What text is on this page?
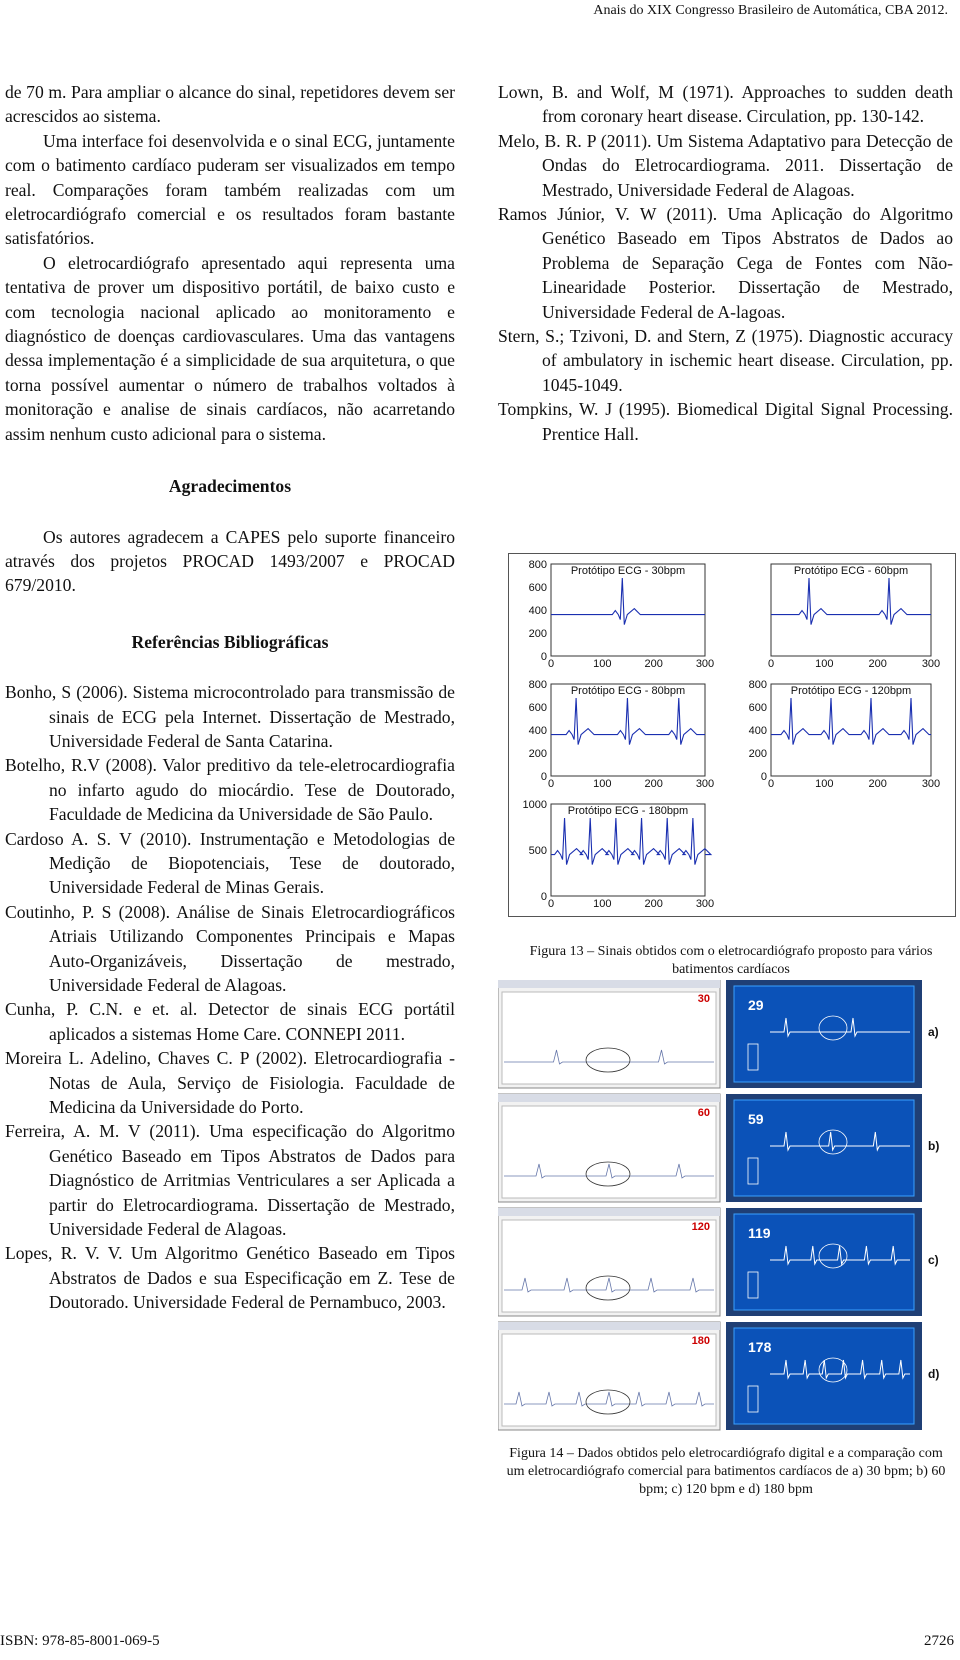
Anais do XIX Congresso Brasileiro de Automática, CBA 2012.

de 70 m. Para ampliar o alcance do sinal, repetidores devem ser acrescidos ao sistema.

Uma interface foi desenvolvida e o sinal ECG, juntamente com o batimento cardíaco puderam ser visualizados em tempo real. Comparações foram também realizadas com um eletrocardiógrafo comercial e os resultados foram bastante satisfatórios.

O eletrocardiógrafo apresentado aqui representa uma tentativa de prover um dispositivo portátil, de baixo custo e com tecnologia nacional aplicado ao monitoramento e diagnóstico de doenças cardiovasculares. Uma das vantagens dessa implementação é a simplicidade de sua arquitetura, o que torna possível aumentar o número de trabalhos voltados à monitoração e analise de sinais cardíacos, não acarretando assim nenhum custo adicional para o sistema.

Agradecimentos

Os autores agradecem a CAPES pelo suporte financeiro através dos projetos PROCAD 1493/2007 e PROCAD 679/2010.

Referências Bibliográficas

Bonho, S (2006). Sistema microcontrolado para transmissão de sinais de ECG pela Internet. Dissertação de Mestrado, Universidade Federal de Santa Catarina.

Botelho, R.V (2008). Valor preditivo da tele-eletrocardiografia no infarto agudo do miocárdio. Tese de Doutorado, Faculdade de Medicina da Universidade de São Paulo.

Cardoso A. S. V (2010). Instrumentação e Metodologias de Medição de Biopotenciais, Tese de doutorado, Universidade Federal de Minas Gerais.

Coutinho, P. S (2008). Análise de Sinais Eletrocardiográficos Atriais Utilizando Componentes Principais e Mapas Auto-Organizáveis, Dissertação de mestrado, Universidade Federal de Alagoas.

Cunha, P. C.N. e et. al. Detector de sinais ECG portátil aplicados a sistemas Home Care. CONNEPI 2011.

Moreira L. Adelino, Chaves C. P (2002). Eletrocardiografia - Notas de Aula, Serviço de Fisiologia. Faculdade de Medicina da Universidade do Porto.

Ferreira, A. M. V (2011). Uma especificação do Algoritmo Genético Baseado em Tipos Abstratos de Dados para Diagnóstico de Arritmias Ventriculares a ser Aplicada a partir do Eletrocardiograma. Dissertação de Mestrado, Universidade Federal de Alagoas.

Lopes, R. V. V. Um Algoritmo Genético Baseado em Tipos Abstratos de Dados e sua Especificação em Z. Tese de Doutorado. Universidade Federal de Pernambuco, 2003.

Lown, B. and Wolf, M (1971). Approaches to sudden death from coronary heart disease. Circulation, pp. 130-142.

Melo, B. R. P (2011). Um Sistema Adaptativo para Detecção de Ondas do Eletrocardiograma. 2011. Dissertação de Mestrado, Universidade Federal de Alagoas.

Ramos Júnior, V. W (2011). Uma Aplicação do Algoritmo Genético Baseado em Tipos Abstratos de Dados ao Problema de Separação Cega de Fontes com Não-Linearidade Posterior. Dissertação de Mestrado, Universidade Federal de A-lagoas.

Stern, S.; Tzivoni, D. and Stern, Z (1975). Diagnostic accuracy of ambulatory in ischemic heart disease. Circulation, pp. 1045-1049.

Tompkins, W. J (1995). Biomedical Digital Signal Processing. Prentice Hall.

Protótipo ECG - 30bpm
0	100	200	300
0
200
400
600
800	Protótipo ECG - 60bpm
0	100	200	300
Protótipo ECG - 80bpm
0	100	200	300
0
200
400
600
800	Protótipo ECG - 120bpm
0	100	200	300
0
200
400
600
800
Protótipo ECG - 180bpm
0	100	200	300
0
500
1000
Figura 13 – Sinais obtidos com o eletrocardiógrafo proposto para vários batimentos cardíacos
30	29
a)
60	59
b)
120	119
c)
180	178
d)
Figura 14 – Dados obtidos pelo eletrocardiógrafo digital e a comparação com um eletrocardiógrafo comercial para batimentos cardíacos de a) 30 bpm; b) 60 bpm; c) 120 bpm e d) 180 bpm
ISBN: 978-85-8001-069-5	2726
